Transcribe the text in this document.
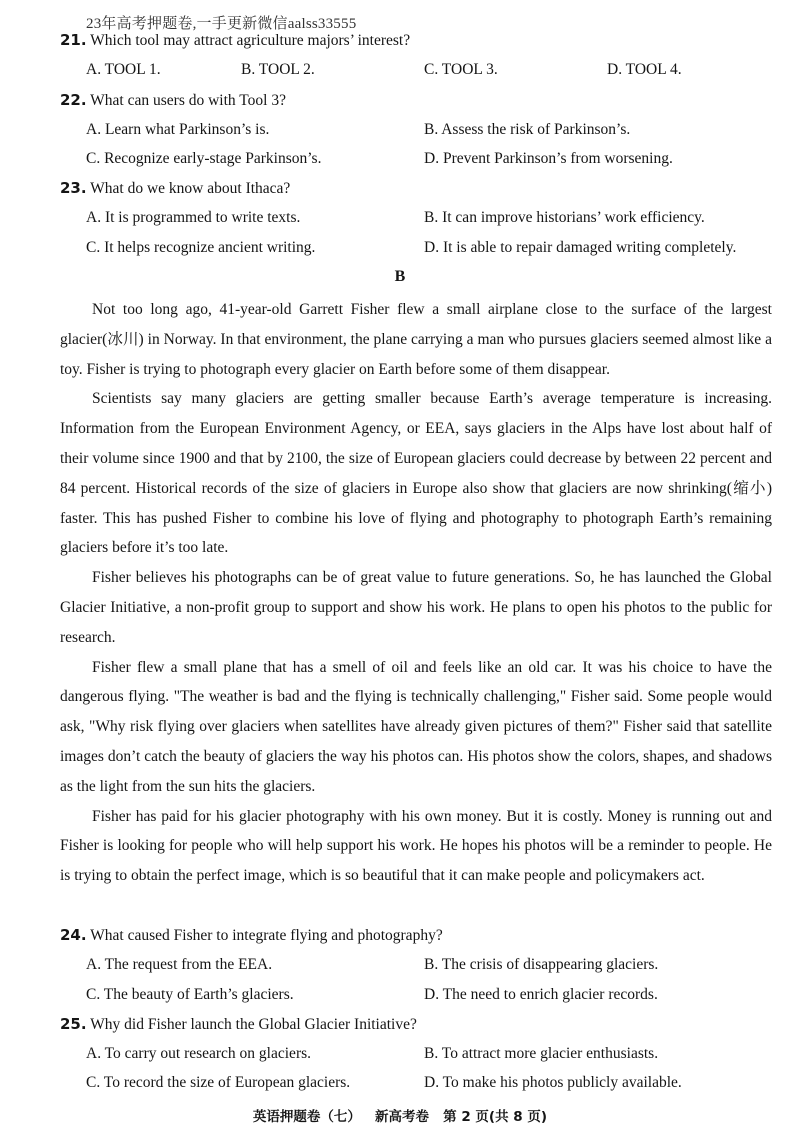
23年高考押题卷,一手更新微信aalss33555
21. Which tool may attract agriculture majors’ interest?
A. TOOL 1.	B. TOOL 2.	C. TOOL 3.	D. TOOL 4.
22. What can users do with Tool 3?
A. Learn what Parkinson’s is.	B. Assess the risk of Parkinson’s.
C. Recognize early-stage Parkinson’s.	D. Prevent Parkinson’s from worsening.
23. What do we know about Ithaca?
A. It is programmed to write texts.	B. It can improve historians’ work efficiency.
C. It helps recognize ancient writing.	D. It is able to repair damaged writing completely.
B

Not too long ago, 41-year-old Garrett Fisher flew a small airplane close to the surface of the largest glacier(冰川) in Norway. In that environment, the plane carrying a man who pursues glaciers seemed almost like a toy. Fisher is trying to photograph every glacier on Earth before some of them disappear.

Scientists say many glaciers are getting smaller because Earth’s average temperature is increasing. Information from the European Environment Agency, or EEA, says glaciers in the Alps have lost about half of their volume since 1900 and that by 2100, the size of European glaciers could decrease by between 22 percent and 84 percent. Historical records of the size of glaciers in Europe also show that glaciers are now shrinking(缩小) faster. This has pushed Fisher to combine his love of flying and photography to photograph Earth’s remaining glaciers before it’s too late.

Fisher believes his photographs can be of great value to future generations. So, he has launched the Global Glacier Initiative, a non-profit group to support and show his work. He plans to open his photos to the public for research.

Fisher flew a small plane that has a smell of oil and feels like an old car. It was his choice to have the dangerous flying. "The weather is bad and the flying is technically challenging," Fisher said. Some people would ask, "Why risk flying over glaciers when satellites have already given pictures of them?" Fisher said that satellite images don’t catch the beauty of glaciers the way his photos can. His photos show the colors, shapes, and shadows as the light from the sun hits the glaciers.

Fisher has paid for his glacier photography with his own money. But it is costly. Money is running out and Fisher is looking for people who will help support his work. He hopes his photos will be a reminder to people. He is trying to obtain the perfect image, which is so beautiful that it can make people and policymakers act.

24. What caused Fisher to integrate flying and photography?
A. The request from the EEA.	B. The crisis of disappearing glaciers.
C. The beauty of Earth’s glaciers.	D. The need to enrich glacier records.
25. Why did Fisher launch the Global Glacier Initiative?
A. To carry out research on glaciers.	B. To attract more glacier enthusiasts.
C. To record the size of European glaciers.	D. To make his photos publicly available.
英语押题卷（七）   新高考卷   第 2 页(共 8 页)
